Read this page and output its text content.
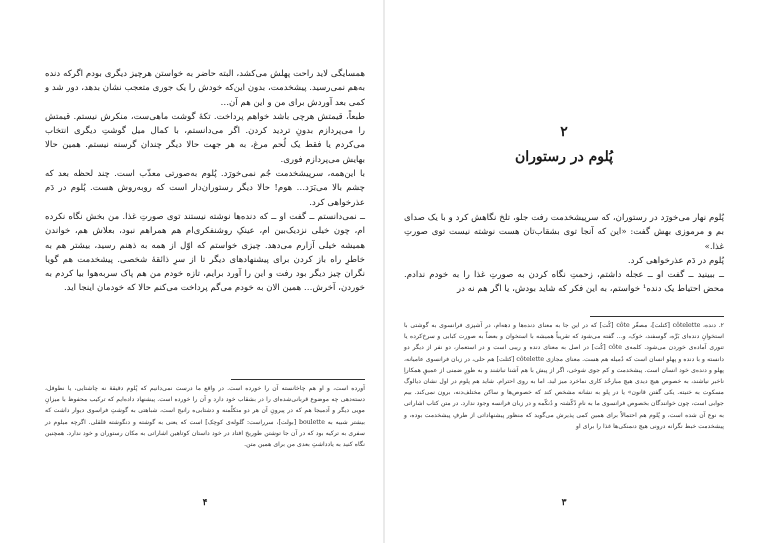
همسایگی لاید راحت پهلش می‌کشد، البته حاضر به خواستن هرچیز دیگری بودم اگرکه دنده به‌هم نمی‌رسید. پیشخدمت، بدون این‌که خودش را یک جوری متعجب نشان بدهد، دور شد و کمی بعد آوردش برای من و این هم آن…

طبعاً، قیمتش هرچی باشد خواهم پرداخت. تکهٔ گوشت ماهی‌ست، منکرش نیستم. قیمتش را می‌پردازم بدونِ تردید کردن. اگر می‌دانستم، با کمال میل گوشتِ دیگری انتخاب می‌کردم یا فقط یک لُحم مرغ، به هر جهت حالا دیگر چندان گرسنه نیستم. همین حالا بهایش می‌پردازم فوری.

با این‌همه، سرپیشخدمت جُم نمی‌خورَد. پُلوم به‌صورتی معذّب است. چند لحظه بعد که چشم بالا می‌بَرَد… هوم! حالا دیگر رستوران‌دار است که روبه‌روش هست. پُلوم در دَم عذرخواهی کرد.

ــ نمی‌دانستم ــ گفت او ــ که دنده‌ها نوشته نیستند توی صورتِ غذا. من بخش نگاه نکرده ام، چون خیلی نزدیک‌بین ام، عینکِ روشنفکری‌ام هم همراهم نبود، بعلاش هم، خواندن همیشه خیلی آزارم می‌دهد. چیزی خواستم که اوّل از همه به ذهنم رسید، بیشتر هم به خاطرِ راه باز کردن برای پیشنهادهای دیگر تا از سرِ ذائقهٔ شخصی. پیشخدمت هم گویا نگران چیز دیگر بود رفت و این را آورد برایم، تازه خودم من هم پاک سربه‌هوا بیا کردم به خوردن، آخرش… همین الان به خودم می‌گم پرداخت می‌کنم حالا که خودمان اینجا اید.

آورده است، و او هم چاخانسته آن را خورده است. در واقع ما درست نمی‌دانیم که پُلوم دقیقهٔ‌ نه چاشتایی، یا نطوفل، دسته‌دهی چه موضوع قربانی‌شده‌ای را در بشقاب خود دارد و آن را خورده است. پیشنهاد داده‌ایم که ترکیب محفوظ با میزانِ مویی دیگر و آدمیجا هم که در پیرونِ آن هر دو متکلّمنه و دشتابی‌ه رانیج است، شباهتی به گوشتِ فراسوی دیوار داشت که بیشتر شبیه به boulette [بولت]، سرراست: گلوله‌ی کوچک] است که یعنی به گوشته و دنگوشته قلقلی. اگرچه میلوم در سفری به ترکیه بود که در آن جا توشتن طوریخ افتاد در خود داستان کوتاهین اشاراتی به مکان رستوران و خود ندارد. همچنین نگاه کنید به یادداشتِ بعدی من برای همین متن.

۴
۲
پُلوم در رستوران

پُلوم نهار می‌خورَد در رستوران، که سرپیشخدمت رفت جلو، تلخ نگاهش کرد و با یک صدای بم و مرموزی بهش گفت: «این که آنجا توی بشقاب‌تان هست نوشته نیست توی صورتِ غذا.»

پُلوم در دَم عذرخواهی کرد.

ــ ببینید ــ گفت او ــ عجله داشتم، زحمتِ نگاه کردن به صورتِ غذا را به خودم ندادم. محض احتیاط یک دنده¹ خواستم، به این فکر که شاید بودش، یا اگر هم نه در

۲. دنده، côtelette [کتلت]، مصغّر côte [کُت] که در این جا به معنای دنده‌ها و دهه‌ام، در آشپزی فرانسوی به گوشتی با استخوانِ دنده‌ای بَرِّه، گوسفند، خوک، و… گفته می‌شود که تقریباً همیشه با استخوان و بعضاً به صورت کبابی و سرخ‌کرده یا تنوری آماده‌ی خوردن می‌شود. کلمه‌ی côte [کُت] در اصل به معنای دنده و ریبی است و در استعمار، دو نفر از دیگر دو دانسته و با دنده و پهلو انسان است که دُمیله هم هست. معنای مجازی côtelette [کتلت] هم حلی، در زبان فرانسوی عامیانه، پهلو و دنده‌ی خود انسان است. پیشخدمت و کم جوی شوخی، اگر از پیش با هم آشنا نباشند و به طورِ ضمنی از عمیقِ همکاراِ ناخبر نیاشند، به خصوص هیچ دیدی هیچ مبارحُد کاری نماخرد میز لید. اما به روی احترام. شاید هم پلوم در اول نشان دیالوگ مسکوت به خنیته. یکی گفتن قانون» یا در پلو به نشانه مشخص کند که خصوص‌ها و ساکن مختلف‌دنه، برون نمی‌کند. بیم جوابی است، چون خوانندگان بخصوص فرانسوی ما به نامِ دُکّشتہ و دُنکّمه و در زبان فرانسه وجود ندارد. در متن کتاب اشاراتی به نوع آن شده است، و پُلوم هم احتمالاً برای همین کمی پذیرش می‌گوید که منظور پیشنهاداتی از طرفِ پیشخدمت بوده، و پیشخدمت خبط نگرانه درونی هیچ دنمنکی‌ها غذا را برای او

۳
